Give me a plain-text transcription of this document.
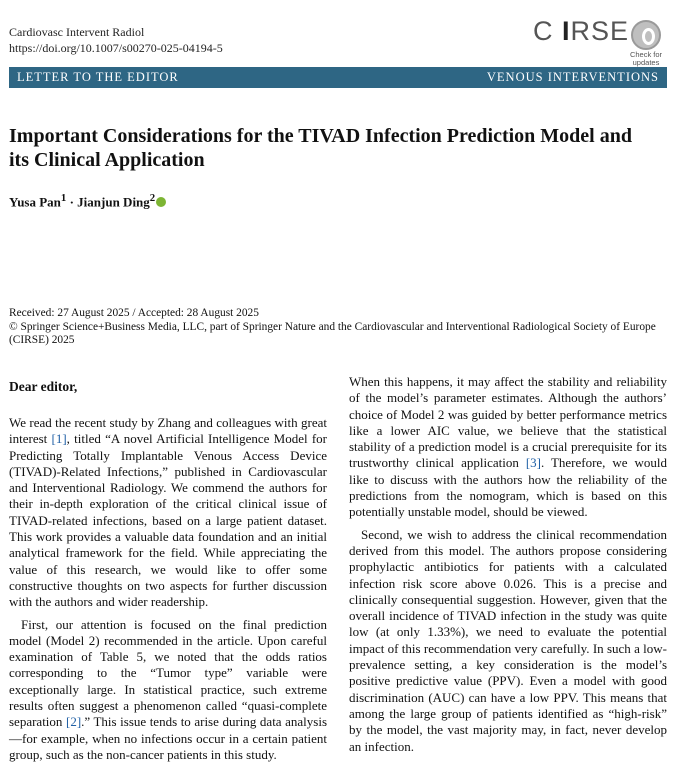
Cardiovasc Intervent Radiol
https://doi.org/10.1007/s00270-025-04194-5
C IRSE
Check for
updates
LETTER TO THE EDITOR	VENOUS INTERVENTIONS
Important Considerations for the TIVAD Infection Prediction Model and its Clinical Application
Yusa Pan$^1$ · Jianjun Ding$^2$
Received: 27 August 2025 / Accepted: 28 August 2025
© Springer Science+Business Media, LLC, part of Springer Nature and the Cardiovascular and Interventional Radiological Society of Europe (CIRSE) 2025
Dear editor,

We read the recent study by Zhang and colleagues with great interest [1], titled “A novel Artificial Intelligence Model for Predicting Totally Implantable Venous Access Device (TIVAD)-Related Infections,” published in Cardiovascular and Interventional Radiology. We commend the authors for their in-depth exploration of the critical clinical issue of TIVAD-related infections, based on a large patient dataset. This work provides a valuable data foundation and an initial analytical framework for the field. While appreciating the value of this research, we would like to offer some constructive thoughts on two aspects for further discussion with the authors and wider readership.

First, our attention is focused on the final prediction model (Model 2) recommended in the article. Upon careful examination of Table 5, we noted that the odds ratios corresponding to the “Tumor type” variable were exceptionally large. In statistical practice, such extreme results often suggest a phenomenon called “quasi-complete separation [2].” This issue tends to arise during data analysis—for example, when no infections occur in a certain patient group, such as the non-cancer patients in this study.

When this happens, it may affect the stability and reliability of the model’s parameter estimates. Although the authors’ choice of Model 2 was guided by better performance metrics like a lower AIC value, we believe that the statistical stability of a prediction model is a crucial prerequisite for its trustworthy clinical application [3]. Therefore, we would like to discuss with the authors how the reliability of the predictions from the nomogram, which is based on this potentially unstable model, should be viewed.

Second, we wish to address the clinical recommendation derived from this model. The authors propose considering prophylactic antibiotics for patients with a calculated infection risk score above 0.026. This is a precise and clinically consequential suggestion. However, given that the overall incidence of TIVAD infection in the study was quite low (at only 1.33%), we need to evaluate the potential impact of this recommendation very carefully. In such a low-prevalence setting, a key consideration is the model’s positive predictive value (PPV). Even a model with good discrimination (AUC) can have a low PPV. This means that among the large group of patients identified as “high-risk” by the model, the vast majority may, in fact, never develop an infection.
